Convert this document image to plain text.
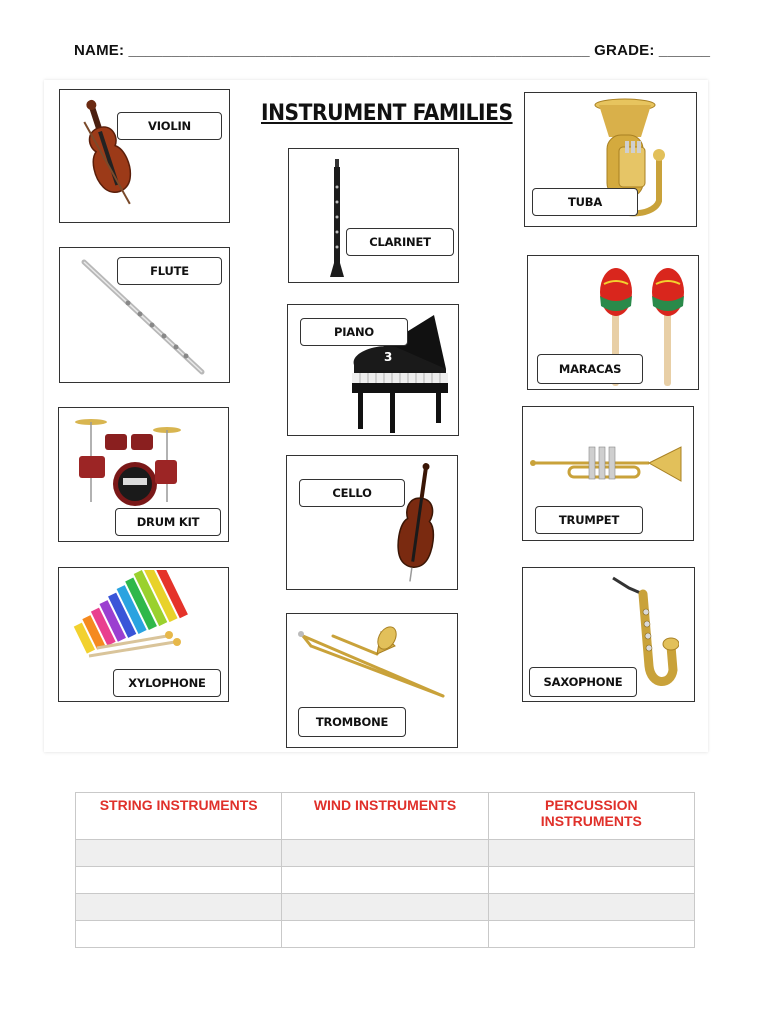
NAME: ______________________________________________________ GRADE: ______
INSTRUMENT FAMILIES
VIOLIN
FLUTE
DRUM KIT
XYLOPHONE
CLARINET
3
PIANO
CELLO
TROMBONE
TUBA
MARACAS
TRUMPET
SAXOPHONE
STRING INSTRUMENTS	WIND INSTRUMENTS	PERCUSSION INSTRUMENTS
